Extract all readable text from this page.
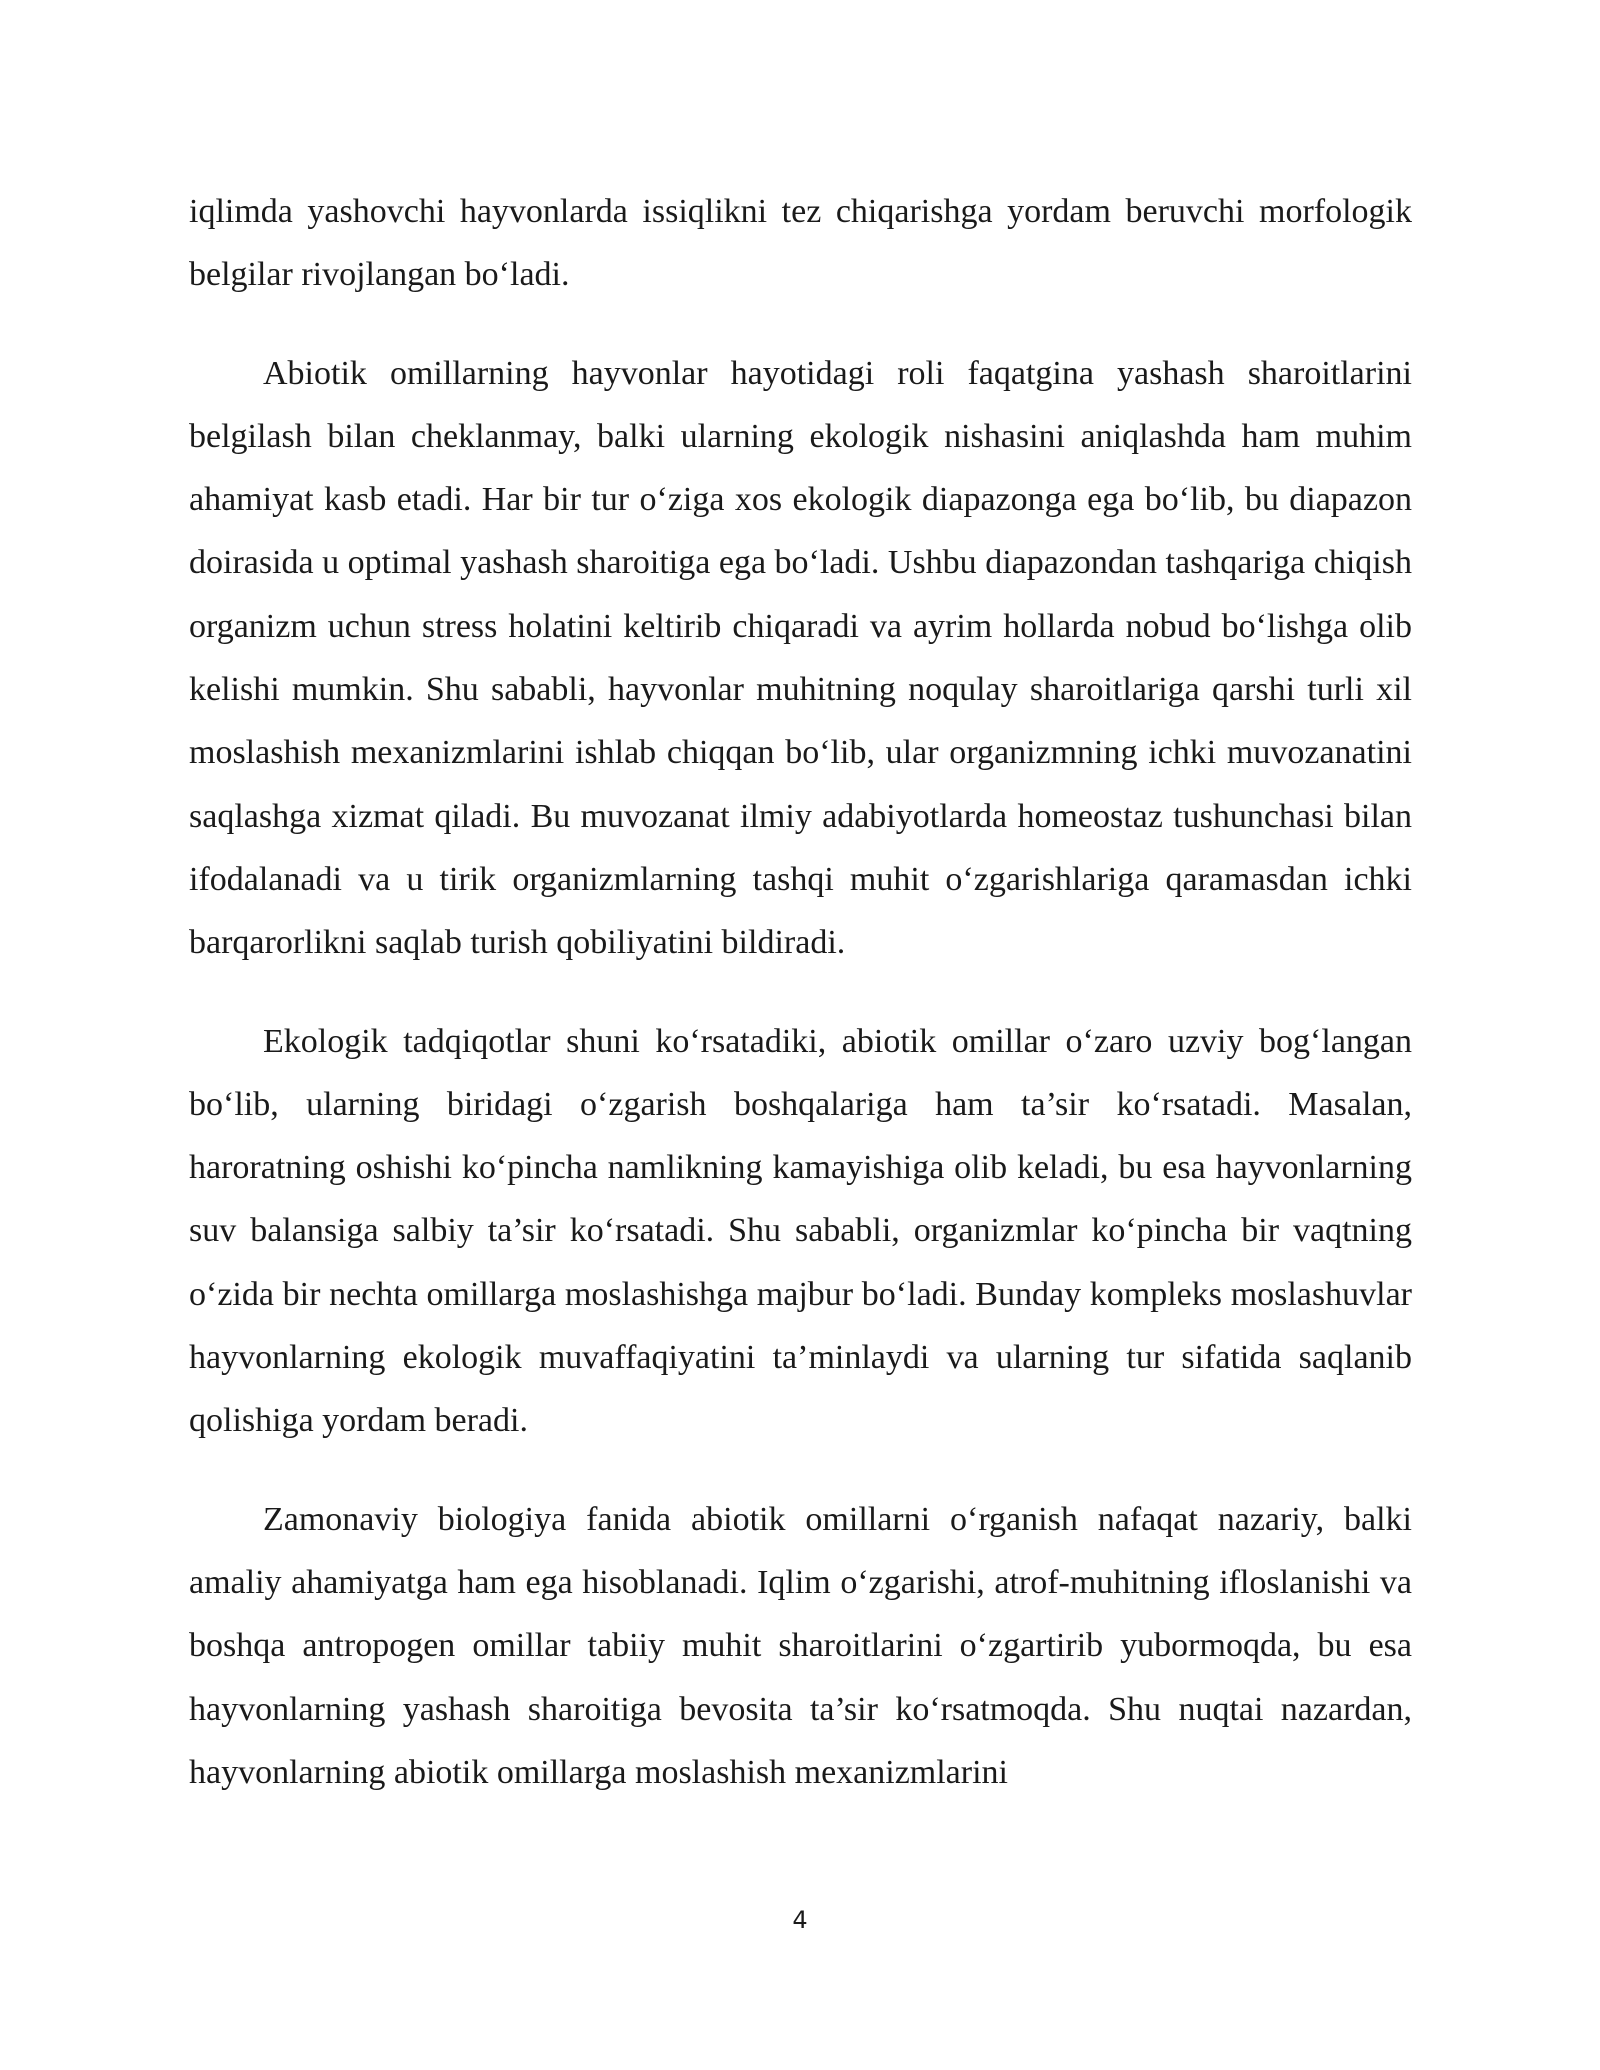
iqlimda yashovchi hayvonlarda issiqlikni tez chiqarishga yordam beruvchi morfologik belgilar rivojlangan bo‘ladi.

Abiotik omillarning hayvonlar hayotidagi roli faqatgina yashash sharoitlarini belgilash bilan cheklanmay, balki ularning ekologik nishasini aniqlashda ham muhim ahamiyat kasb etadi. Har bir tur o‘ziga xos ekologik diapazonga ega bo‘lib, bu diapazon doirasida u optimal yashash sharoitiga ega bo‘ladi. Ushbu diapazondan tashqariga chiqish organizm uchun stress holatini keltirib chiqaradi va ayrim hollarda nobud bo‘lishga olib kelishi mumkin. Shu sababli, hayvonlar muhitning noqulay sharoitlariga qarshi turli xil moslashish mexanizmlarini ishlab chiqqan bo‘lib, ular organizmning ichki muvozanatini saqlashga xizmat qiladi. Bu muvozanat ilmiy adabiyotlarda homeostaz tushunchasi bilan ifodalanadi va u tirik organizmlarning tashqi muhit o‘zgarishlariga qaramasdan ichki barqarorlikni saqlab turish qobiliyatini bildiradi.

Ekologik tadqiqotlar shuni ko‘rsatadiki, abiotik omillar o‘zaro uzviy bog‘langan bo‘lib, ularning biridagi o‘zgarish boshqalariga ham ta’sir ko‘rsatadi. Masalan, haroratning oshishi ko‘pincha namlikning kamayishiga olib keladi, bu esa hayvonlarning suv balansiga salbiy ta’sir ko‘rsatadi. Shu sababli, organizmlar ko‘pincha bir vaqtning o‘zida bir nechta omillarga moslashishga majbur bo‘ladi. Bunday kompleks moslashuvlar hayvonlarning ekologik muvaffaqiyatini ta’minlaydi va ularning tur sifatida saqlanib qolishiga yordam beradi.

Zamonaviy biologiya fanida abiotik omillarni o‘rganish nafaqat nazariy, balki amaliy ahamiyatga ham ega hisoblanadi. Iqlim o‘zgarishi, atrof-muhitning ifloslanishi va boshqa antropogen omillar tabiiy muhit sharoitlarini o‘zgartirib yubormoqda, bu esa hayvonlarning yashash sharoitiga bevosita ta’sir ko‘rsatmoqda. Shu nuqtai nazardan, hayvonlarning abiotik omillarga moslashish mexanizmlarini

4
